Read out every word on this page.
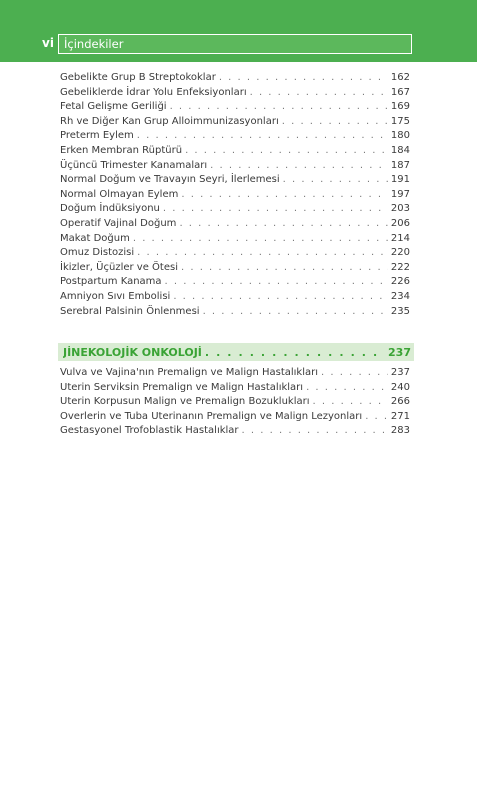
vi İçindekiler
Gebelikte Grup B Streptokoklar . . .	162
Gebeliklerde İdrar Yolu Enfeksiyonları . . .	167
Fetal Gelişme Geriliği . . .	169
Rh ve Diğer Kan Grup Alloimmunizasyonları . . .	175
Preterm Eylem . . .	180
Erken Membran Rüptürü . . .	184
Üçüncü Trimester Kanamaları . . .	187
Normal Doğum ve Travayın Seyri, İlerlemesi . . .	191
Normal Olmayan Eylem . . .	197
Doğum İndüksiyonu . . .	203
Operatif Vajinal Doğum . . .	206
Makat Doğum . . .	214
Omuz Distozisi . . .	220
İkizler, Üçüzler ve Ötesi . . .	222
Postpartum Kanama . . .	226
Amniyon Sıvı Embolisi . . .	234
Serebral Palsinin Önlenmesi . . .	235
JİNEKOLOJİK ONKOLOJİ . . .	237
Vulva ve Vajina'nın Premalign ve Malign Hastalıkları . . .	237
Uterin Serviksin Premalign ve Malign Hastalıkları . . .	240
Uterin Korpusun Malign ve Premalign Bozuklukları . . .	266
Overlerin ve Tuba Uterinanın Premalign ve Malign Lezyonları . . .	271
Gestasyonel Trofoblastik Hastalıklar . . .	283
